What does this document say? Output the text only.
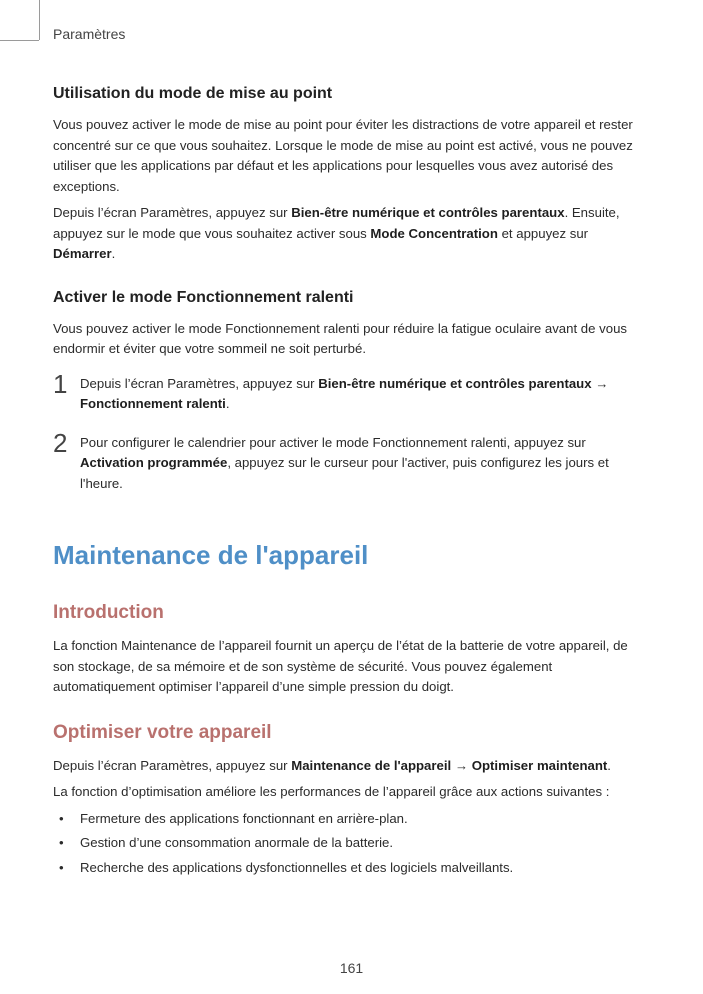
Paramètres
Utilisation du mode de mise au point

Vous pouvez activer le mode de mise au point pour éviter les distractions de votre appareil et rester concentré sur ce que vous souhaitez. Lorsque le mode de mise au point est activé, vous ne pouvez utiliser que les applications par défaut et les applications pour lesquelles vous avez autorisé des exceptions.

Depuis l’écran Paramètres, appuyez sur Bien-être numérique et contrôles parentaux. Ensuite, appuyez sur le mode que vous souhaitez activer sous Mode Concentration et appuyez sur Démarrer.

Activer le mode Fonctionnement ralenti

Vous pouvez activer le mode Fonctionnement ralenti pour réduire la fatigue oculaire avant de vous endormir et éviter que votre sommeil ne soit perturbé.

1 Depuis l’écran Paramètres, appuyez sur Bien-être numérique et contrôles parentaux → Fonctionnement ralenti.
2 Pour configurer le calendrier pour activer le mode Fonctionnement ralenti, appuyez sur Activation programmée, appuyez sur le curseur pour l'activer, puis configurez les jours et l'heure.
Maintenance de l'appareil
Introduction

La fonction Maintenance de l’appareil fournit un aperçu de l’état de la batterie de votre appareil, de son stockage, de sa mémoire et de son système de sécurité. Vous pouvez également automatiquement optimiser l’appareil d’une simple pression du doigt.

Optimiser votre appareil

Depuis l’écran Paramètres, appuyez sur Maintenance de l'appareil → Optimiser maintenant.

La fonction d’optimisation améliore les performances de l’appareil grâce aux actions suivantes :

• Fermeture des applications fonctionnant en arrière-plan.
• Gestion d’une consommation anormale de la batterie.
• Recherche des applications dysfonctionnelles et des logiciels malveillants.
161
